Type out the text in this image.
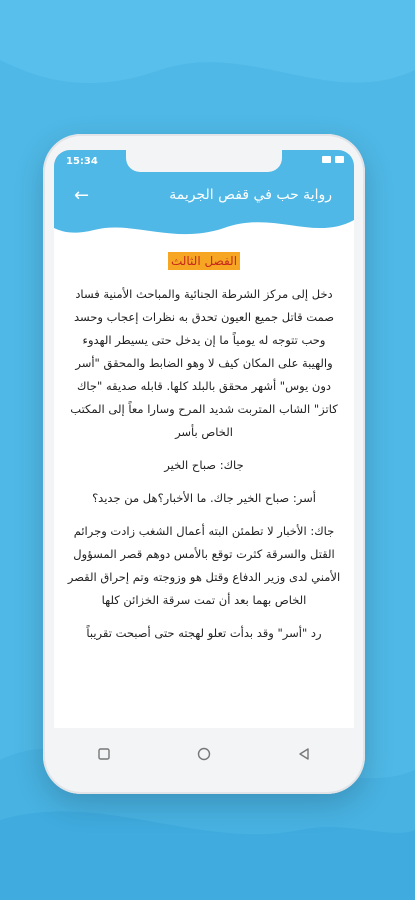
15:34
←	رواية حب في قفص الجريمة
الفصل الثالث

دخل إلى مركز الشرطة الجنائية والمباحث الأمنية فساد صمت قاتل جميع العيون تحدق به نظرات إعجاب وحسد وحب تتوجه له يومياً ما إن يدخل حتى يسيطر الهدوء والهيبة على المكان كيف لا وهو الضابط والمحقق "أسر دون يوس" أشهر محقق بالبلد كلها. قابله صديقه "جاك كاتز" الشاب المتربت شديد المرح وسارا معاً إلى المكتب الخاص بأسر

جاك: صباح الخير

أسر: صباح الخير جاك. ما الأخبار؟هل من جديد؟

جاك: الأخبار لا تطمئن البته أعمال الشغب زادت وجرائم القتل والسرقة كثرت توقع بالأمس دوهم قصر المسؤول الأمني لدى وزير الدفاع وقتل هو وزوجته وتم إحراق القصر الخاص بهما بعد أن تمت سرقة الخزائن كلها

رد "أسر" وقد بدأت تعلو لهجته حتى أصبحت تقريباً
